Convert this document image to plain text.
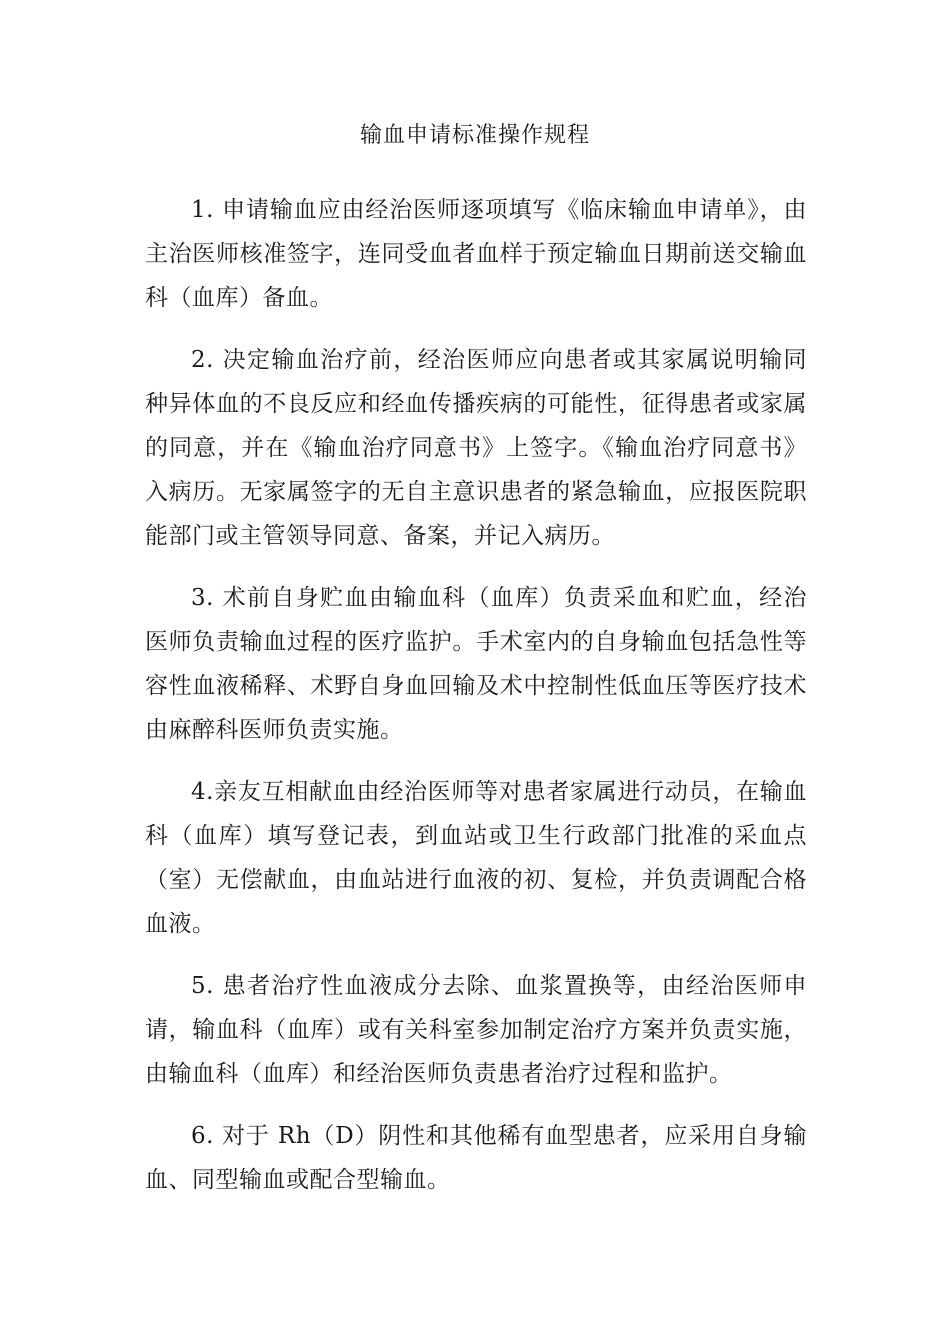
输血申请标准操作规程

1. 申请输血应由经治医师逐项填写《临床输血申请单》，由主治医师核准签字，连同受血者血样于预定输血日期前送交输血科（血库）备血。

2. 决定输血治疗前，经治医师应向患者或其家属说明输同种异体血的不良反应和经血传播疾病的可能性，征得患者或家属的同意，并在《输血治疗同意书》上签字。《输血治疗同意书》入病历。无家属签字的无自主意识患者的紧急输血，应报医院职能部门或主管领导同意、备案，并记入病历。

3. 术前自身贮血由输血科（血库）负责采血和贮血，经治医师负责输血过程的医疗监护。手术室内的自身输血包括急性等容性血液稀释、术野自身血回输及术中控制性低血压等医疗技术由麻醉科医师负责实施。

4.亲友互相献血由经治医师等对患者家属进行动员，在输血科（血库）填写登记表，到血站或卫生行政部门批准的采血点（室）无偿献血，由血站进行血液的初、复检，并负责调配合格血液。

5. 患者治疗性血液成分去除、血浆置换等，由经治医师申请，输血科（血库）或有关科室参加制定治疗方案并负责实施，由输血科（血库）和经治医师负责患者治疗过程和监护。

6. 对于 Rh（D）阴性和其他稀有血型患者，应采用自身输血、同型输血或配合型输血。
